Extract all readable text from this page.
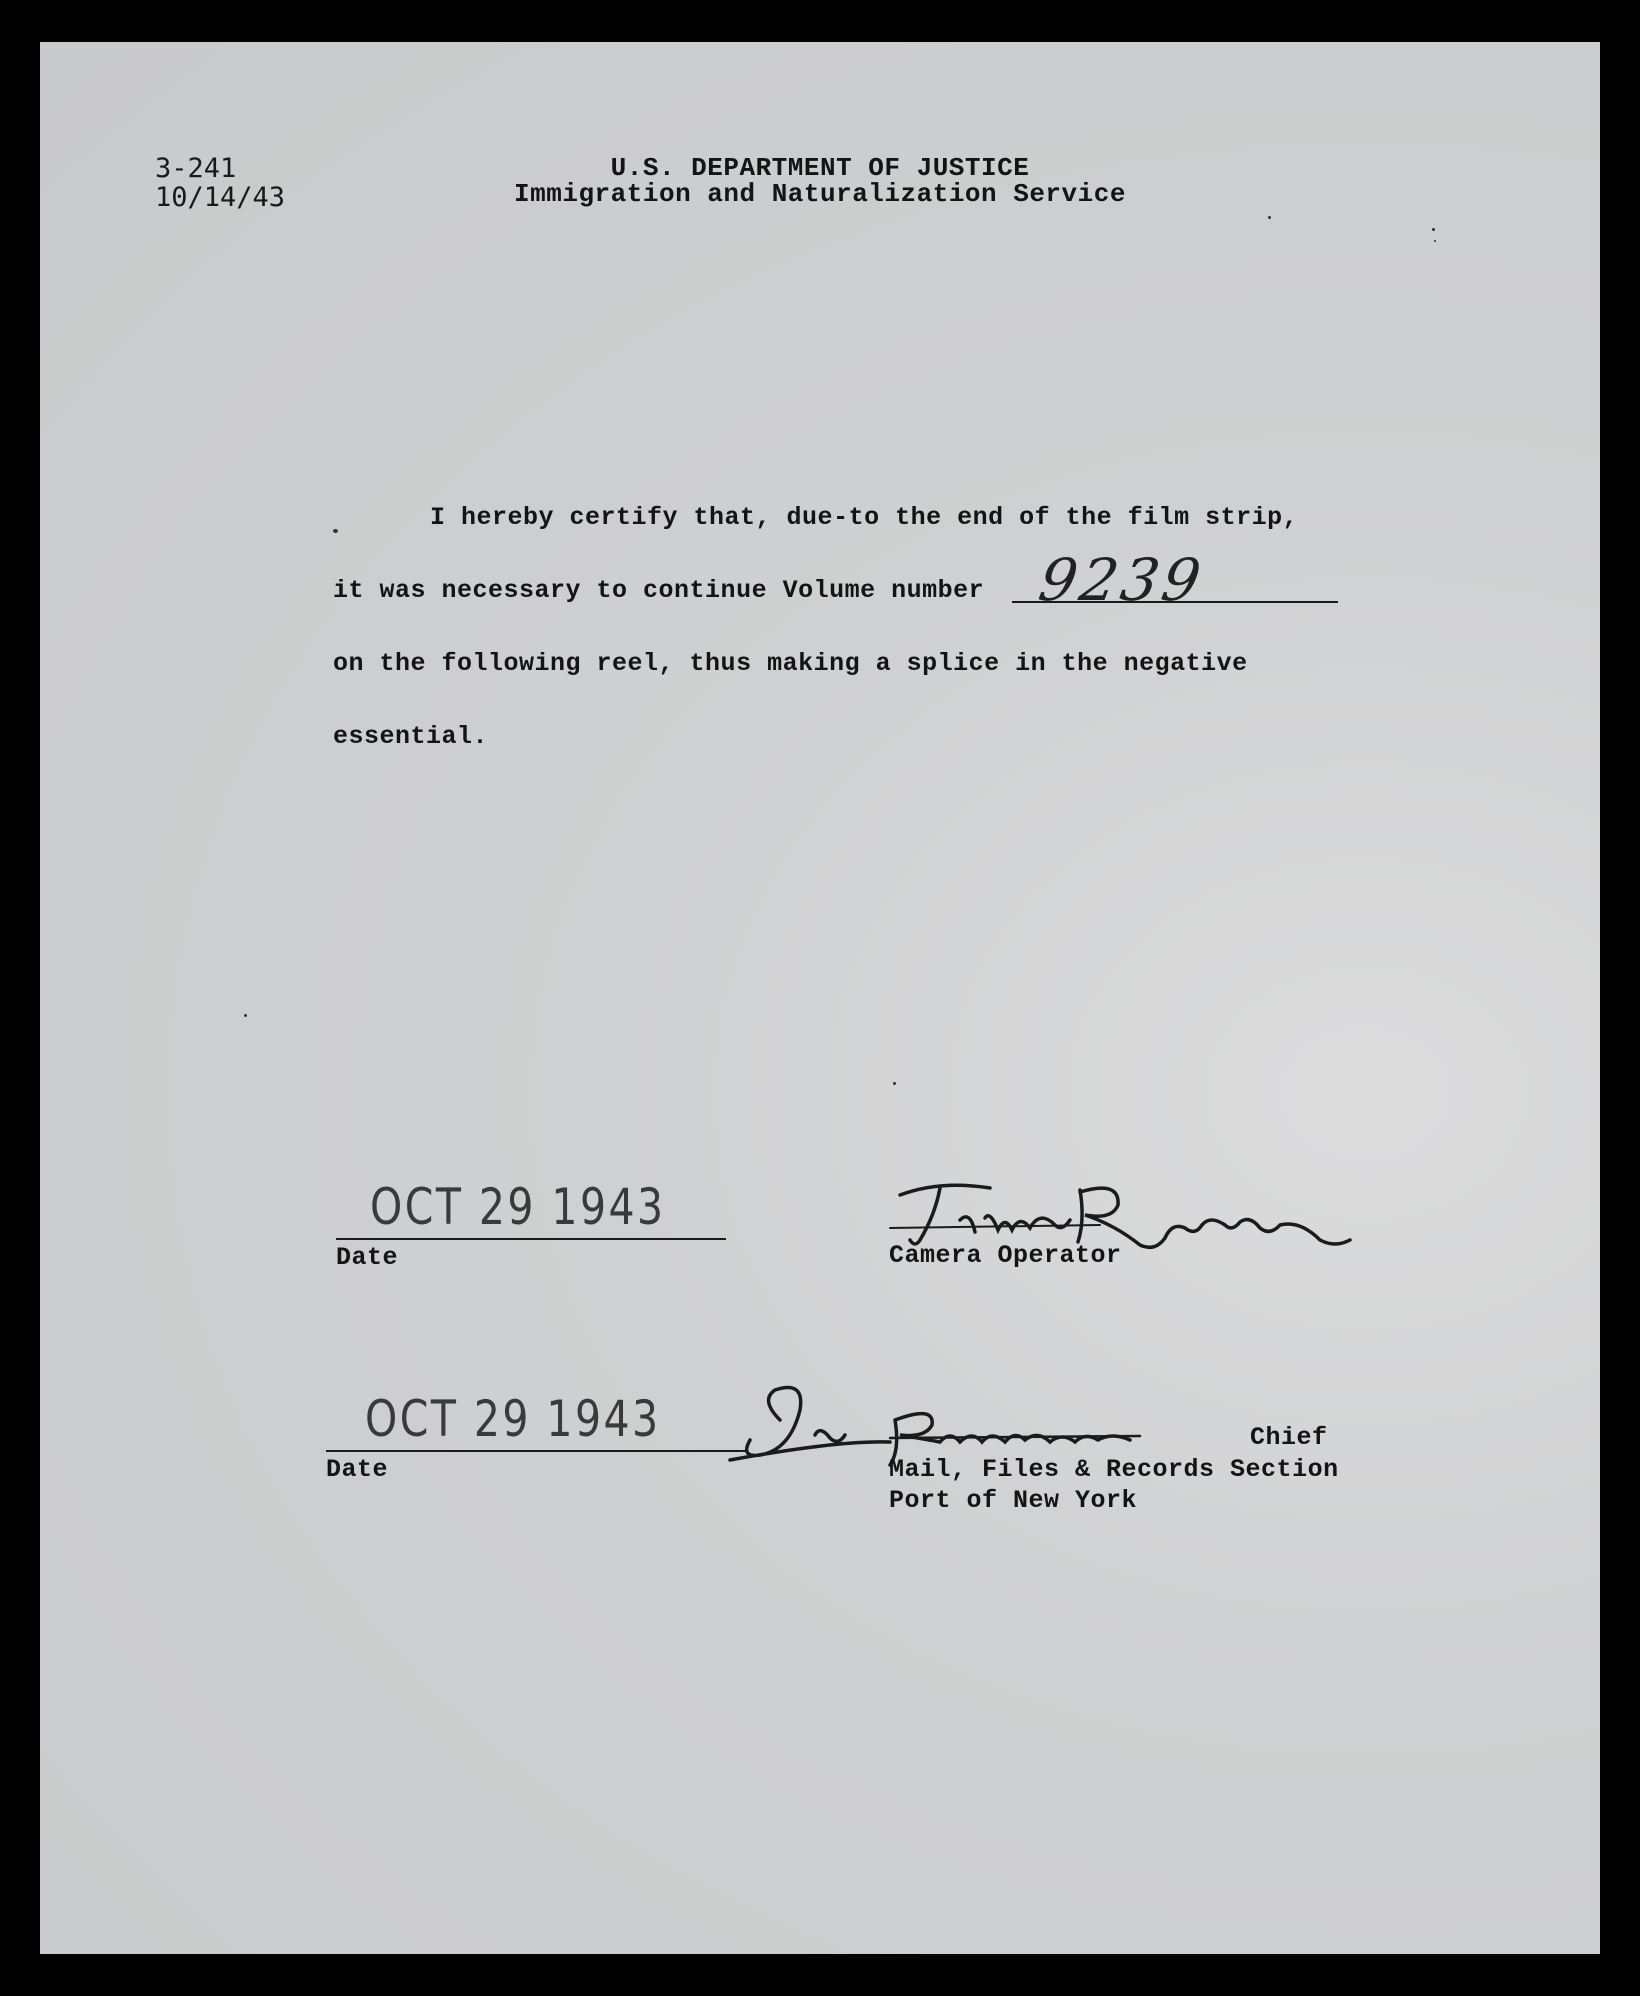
3-241
10/14/43
U.S. DEPARTMENT OF JUSTICE
Immigration and Naturalization Service
I hereby certify that, due-to the end of the film strip,
it was necessary to continue Volume number 9239
on the following reel, thus making a splice in the negative
essential.
OCT 29 1943
Date	Camera Operator
OCT 29 1943
Date
Chief
Mail, Files & Records Section
Port of New York
